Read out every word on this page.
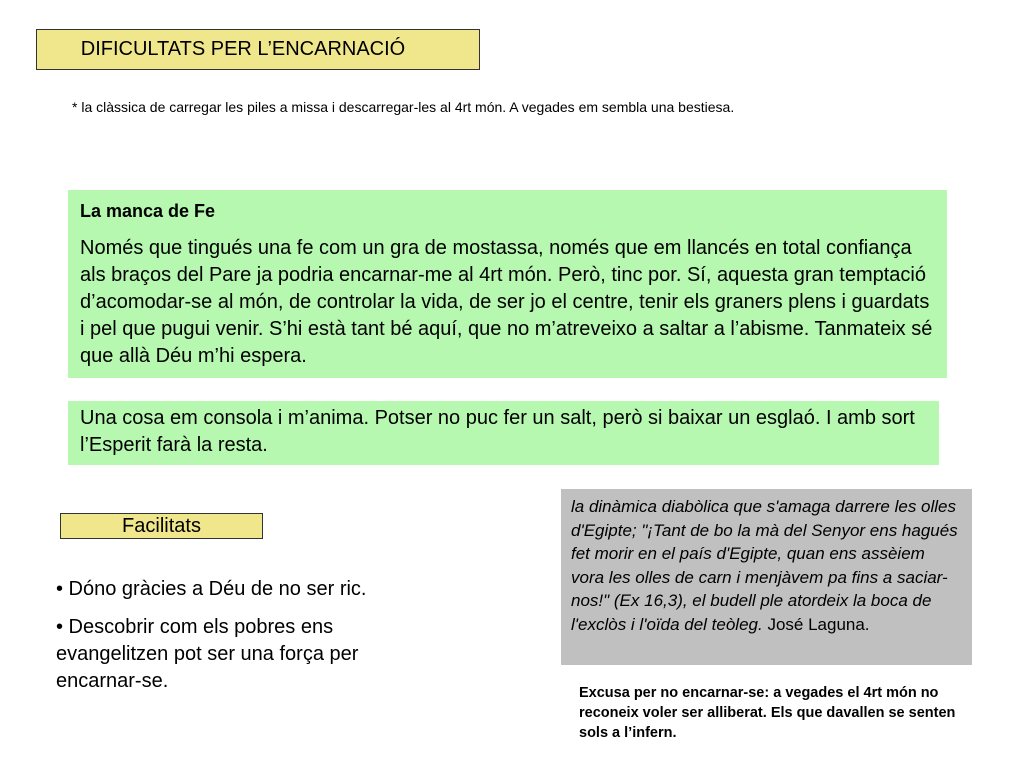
DIFICULTATS PER L’ENCARNACIÓ
* la clàssica de carregar les piles a missa i descarregar-les al 4rt món. A vegades em sembla una bestiesa.
La manca de Fe
Només que tingués una fe com un gra de mostassa, només que em llancés en total confiança als braços del Pare ja podria encarnar-me al 4rt món. Però, tinc por. Sí, aquesta gran temptació d’acomodar-se al món, de controlar la vida, de ser jo el centre, tenir els graners plens i guardats i pel que pugui venir. S’hi està tant bé aquí, que no m’atreveixo a saltar a l’abisme. Tanmateix sé que allà Déu m’hi espera.
Una cosa em consola i m’anima. Potser no puc fer un salt, però si baixar un esglaó. I amb sort l’Esperit farà la resta.
Facilitats
• Dóno gràcies a Déu de no ser ric.
• Descobrir com els pobres ens evangelitzen pot ser una força per encarnar-se.
la dinàmica diabòlica que s'amaga darrere les olles d'Egipte; "¡Tant de bo la mà del Senyor ens hagués fet morir en el país d'Egipte, quan ens assèiem vora les olles de carn i menjàvem pa fins a saciar-nos!" (Ex 16,3), el budell ple atordeix la boca de l'exclòs i l'oïda del teòleg. José Laguna.
Excusa per no encarnar-se: a vegades el 4rt món no reconeix voler ser alliberat. Els que davallen se senten sols a l’infern.
